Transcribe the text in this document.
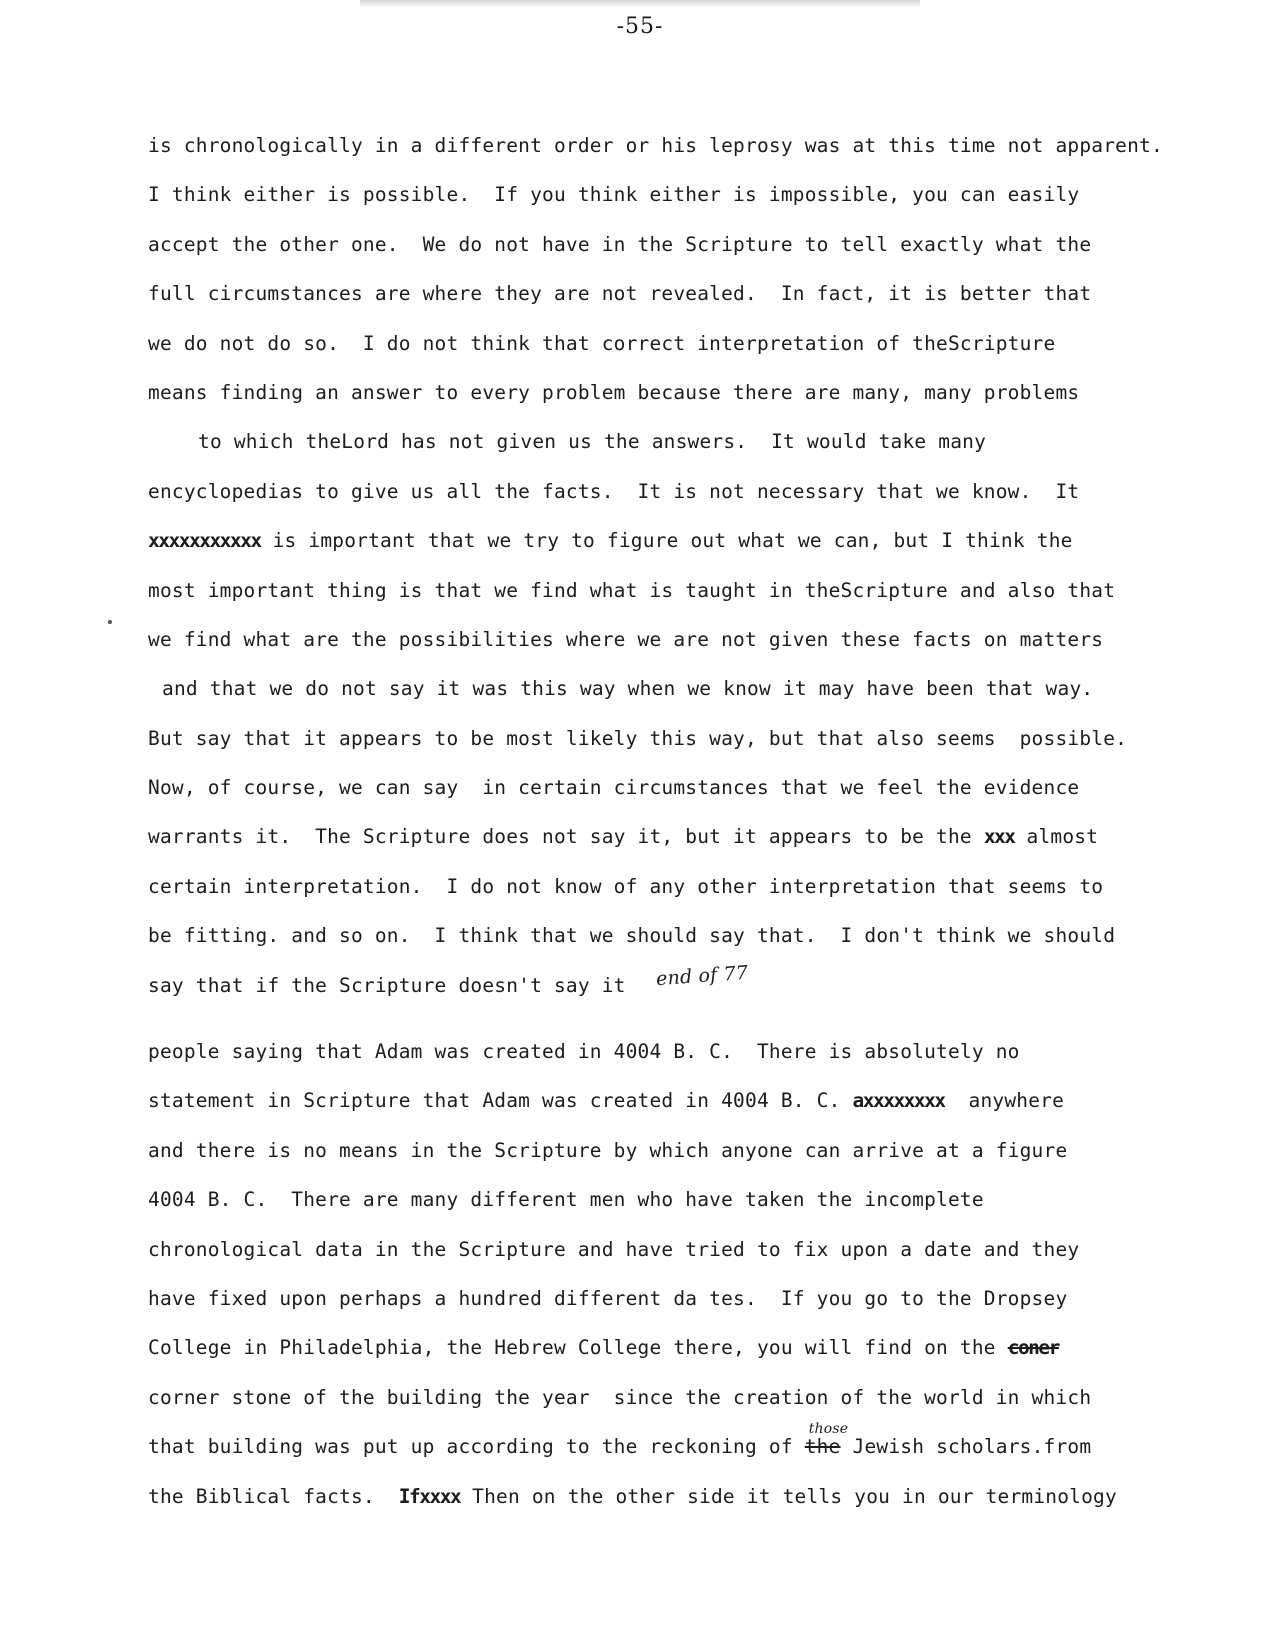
-55-
is chronologically in a different order or his leprosy was at this time not apparent.
I think either is possible.  If you think either is impossible, you can easily
accept the other one.  We do not have in the Scripture to tell exactly what the
full circumstances are where they are not revealed.  In fact, it is better that
we do not do so.  I do not think that correct interpretation of theScripture
means finding an answer to every problem because there are many, many problems
to which theLord has not given us the answers.  It would take many
encyclopedias to give us all the facts.  It is not necessary that we know.  It
xxxxxxxxxxx is important that we try to figure out what we can, but I think the
most important thing is that we find what is taught in theScripture and also that
we find what are the possibilities where we are not given these facts on matters
and that we do not say it was this way when we know it may have been that way.
But say that it appears to be most likely this way, but that also seems  possible.
Now, of course, we can say  in certain circumstances that we feel the evidence
warrants it.  The Scripture does not say it, but it appears to be the xxx almost
certain interpretation.  I do not know of any other interpretation that seems to
be fitting. and so on.  I think that we should say that.  I don't think we should
say that if the Scripture doesn't say it end of 77
people saying that Adam was created in 4004 B. C.  There is absolutely no
statement in Scripture that Adam was created in 4004 B. C. axxxxxxxx anywhere
and there is no means in the Scripture by which anyone can arrive at a figure
4004 B. C.  There are many different men who have taken the incomplete
chronological data in the Scripture and have tried to fix upon a date and they
have fixed upon perhaps a hundred different da tes.  If you go to the Dropsey
College in Philadelphia, the Hebrew College there, you will find on the coner
corner stone of the building the year  since the creation of the world in which
that building was put up according to the reckoning of
those
the Jewish scholars.from
the Biblical facts. Ifxxxx Then on the other side it tells you in our terminology
